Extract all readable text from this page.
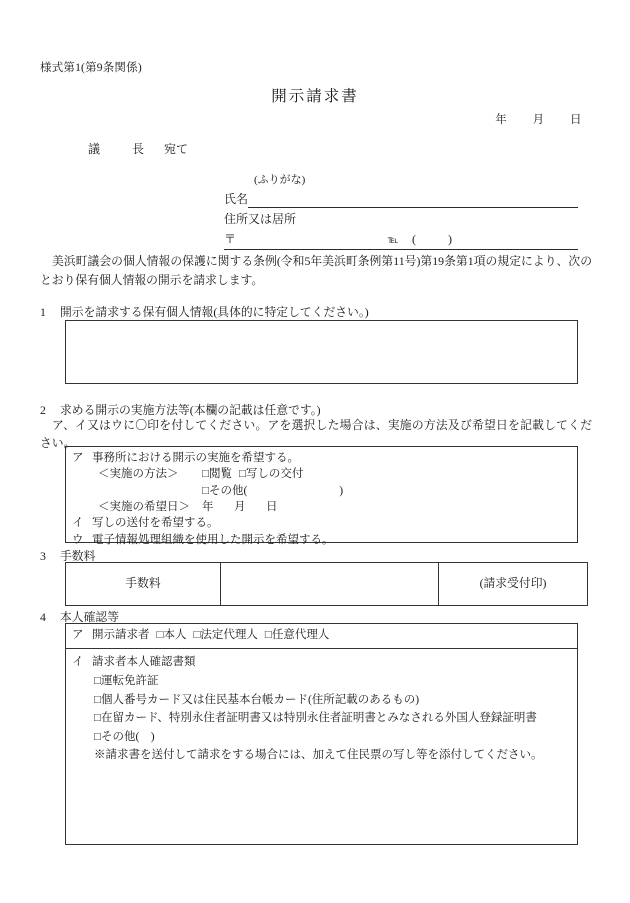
様式第1(第9条関係)
開示請求書
年 月 日
議　長 宛て
(ふりがな)
氏名
住所又は居所
〒	℡	(　)
美浜町議会の個人情報の保護に関する条例(令和5年美浜町条例第11号)第19条第1項の規定により、次のとおり保有個人情報の開示を請求します。
1 開示を請求する保有個人情報(具体的に特定してください。)
2 求める開示の実施方法等(本欄の記載は任意です。)
ア、イ又はウに〇印を付してください。アを選択した場合は、実施の方法及び希望日を記載してください。
ア 事務所における開示の実施を希望する。
＜実施の方法＞ □閲覧 □写しの交付
□その他(	)
＜実施の希望日＞ 年 月 日
イ 写しの送付を希望する。
ウ 電子情報処理組織を使用した開示を希望する。
3 手数料
手数料		(請求受付印)
4 本人確認等
ア 開示請求者 □本人 □法定代理人 □任意代理人
イ 請求者本人確認書類
□運転免許証
□個人番号カード又は住民基本台帳カード(住所記載のあるもの)
□在留カード、特別永住者証明書又は特別永住者証明書とみなされる外国人登録証明書
□その他(　)
※請求書を送付して請求をする場合には、加えて住民票の写し等を添付してください。
